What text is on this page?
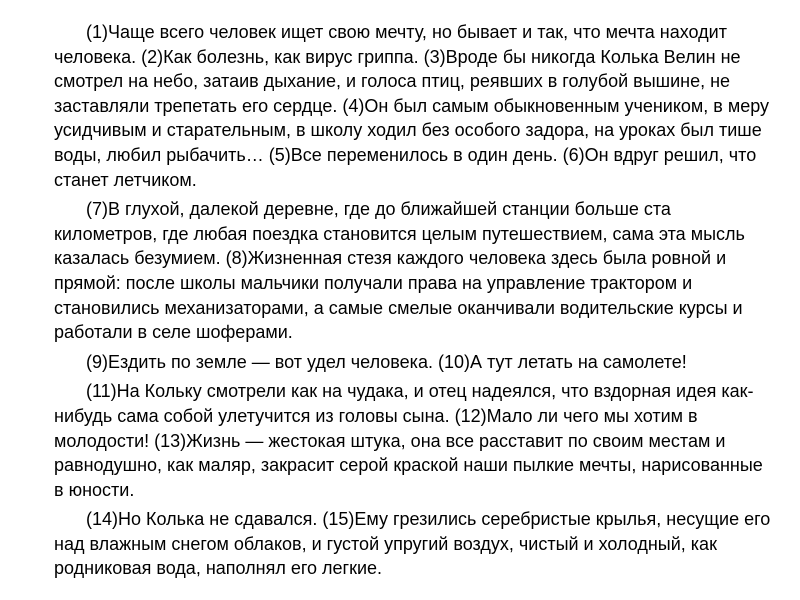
(1)Чаще всего человек ищет свою мечту, но бывает и так, что мечта находит человека. (2)Как болезнь, как вирус гриппа. (3)Вроде бы никогда Колька Велин не смотрел на небо, затаив дыхание, и голоса птиц, реявших в голубой вышине, не заставляли трепетать его сердце. (4)Он был самым обыкновенным учеником, в меру усидчивым и старательным, в школу ходил без особого задора, на уроках был тише воды, любил рыбачить… (5)Все переменилось в один день. (6)Он вдруг решил, что станет летчиком.

(7)В глухой, далекой деревне, где до ближайшей станции больше ста километров, где любая поездка становится целым путешествием, сама эта мысль казалась безумием. (8)Жизненная стезя каждого человека здесь была ровной и прямой: после школы мальчики получали права на управление трактором и становились механизаторами, а самые смелые оканчивали водительские курсы и работали в селе шоферами.

(9)Ездить по земле — вот удел человека. (10)А тут летать на самолете!

(11)На Кольку смотрели как на чудака, и отец надеялся, что вздорная идея как-нибудь сама собой улетучится из головы сына. (12)Мало ли чего мы хотим в молодости! (13)Жизнь — жестокая штука, она все расставит по своим местам и равнодушно, как маляр, закрасит серой краской наши пылкие мечты, нарисованные в юности.

(14)Но Колька не сдавался. (15)Ему грезились серебристые крылья, несущие его над влажным снегом облаков, и густой упругий воздух, чистый и холодный, как родниковая вода, наполнял его легкие.
